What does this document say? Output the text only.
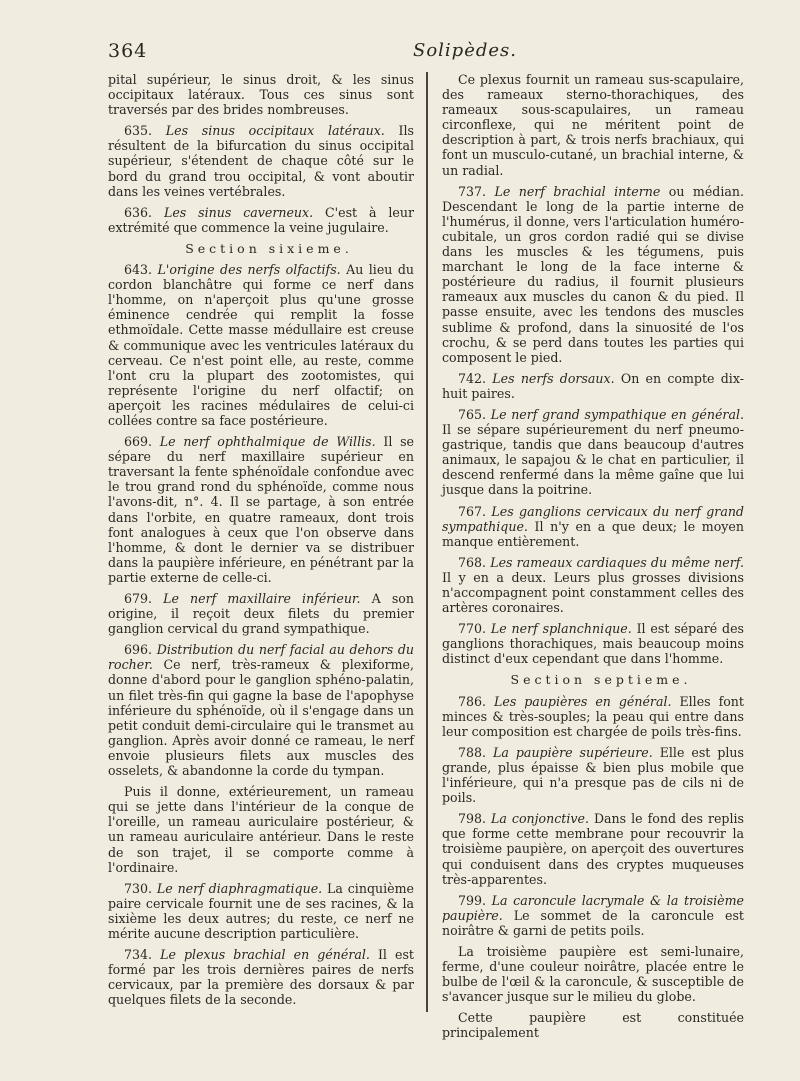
364	Solipèdes.

pital supérieur, le sinus droit, & les sinus occipitaux latéraux. Tous ces sinus sont traversés par des brides nombreuses.

635. Les sinus occipitaux latéraux. Ils résultent de la bifurcation du sinus occipital supérieur, s'étendent de chaque côté sur le bord du grand trou occipital, & vont aboutir dans les veines vertébrales.

636. Les sinus caverneux. C'est à leur extrémité que commence la veine jugulaire.

Section sixieme.

643. L'origine des nerfs olfactifs. Au lieu du cordon blanchâtre qui forme ce nerf dans l'homme, on n'aperçoit plus qu'une grosse éminence cendrée qui remplit la fosse ethmoïdale. Cette masse médullaire est creuse & communique avec les ventricules latéraux du cerveau. Ce n'est point elle, au reste, comme l'ont cru la plupart des zootomistes, qui représente l'origine du nerf olfactif; on aperçoit les racines médulaires de celui-ci collées contre sa face postérieure.

669. Le nerf ophthalmique de Willis. Il se sépare du nerf maxillaire supérieur en traversant la fente sphénoïdale confondue avec le trou grand rond du sphénoïde, comme nous l'avons-dit, n°. 4. Il se partage, à son entrée dans l'orbite, en quatre rameaux, dont trois font analogues à ceux que l'on observe dans l'homme, & dont le dernier va se distribuer dans la paupière inférieure, en pénétrant par la partie externe de celle-ci.

679. Le nerf maxillaire inférieur. A son origine, il reçoit deux filets du premier ganglion cervical du grand sympathique.

696. Distribution du nerf facial au dehors du rocher. Ce nerf, très-rameux & plexiforme, donne d'abord pour le ganglion sphéno-palatin, un filet très-fin qui gagne la base de l'apophyse inférieure du sphénoïde, où il s'engage dans un petit conduit demi-circulaire qui le transmet au ganglion. Après avoir donné ce rameau, le nerf envoie plusieurs filets aux muscles des osselets, & abandonne la corde du tympan.

Puis il donne, extérieurement, un rameau qui se jette dans l'intérieur de la conque de l'oreille, un rameau auriculaire postérieur, & un rameau auriculaire antérieur. Dans le reste de son trajet, il se comporte comme à l'ordinaire.

730. Le nerf diaphragmatique. La cinquième paire cervicale fournit une de ses racines, & la sixième les deux autres; du reste, ce nerf ne mérite aucune description particulière.

734. Le plexus brachial en général. Il est formé par les trois dernières paires de nerfs cervicaux, par la première des dorsaux & par quelques filets de la seconde.

Ce plexus fournit un rameau sus-scapulaire, des rameaux sterno-thorachiques, des rameaux sous-scapulaires, un rameau circonflexe, qui ne méritent point de description à part, & trois nerfs brachiaux, qui font un musculo-cutané, un brachial interne, & un radial.

737. Le nerf brachial interne ou médian. Descendant le long de la partie interne de l'humérus, il donne, vers l'articulation huméro-cubitale, un gros cordon radié qui se divise dans les muscles & les tégumens, puis marchant le long de la face interne & postérieure du radius, il fournit plusieurs rameaux aux muscles du canon & du pied. Il passe ensuite, avec les tendons des muscles sublime & profond, dans la sinuosité de l'os crochu, & se perd dans toutes les parties qui composent le pied.

742. Les nerfs dorsaux. On en compte dix-huit paires.

765. Le nerf grand sympathique en général. Il se sépare supérieurement du nerf pneumo-gastrique, tandis que dans beaucoup d'autres animaux, le sapajou & le chat en particulier, il descend renfermé dans la même gaîne que lui jusque dans la poitrine.

767. Les ganglions cervicaux du nerf grand sympathique. Il n'y en a que deux; le moyen manque entièrement.

768. Les rameaux cardiaques du même nerf. Il y en a deux. Leurs plus grosses divisions n'accompagnent point constamment celles des artères coronaires.

770. Le nerf splanchnique. Il est séparé des ganglions thorachiques, mais beaucoup moins distinct d'eux cependant que dans l'homme.

Section septieme.

786. Les paupières en général. Elles font minces & très-souples; la peau qui entre dans leur composition est chargée de poils très-fins.

788. La paupière supérieure. Elle est plus grande, plus épaisse & bien plus mobile que l'inférieure, qui n'a presque pas de cils ni de poils.

798. La conjonctive. Dans le fond des replis que forme cette membrane pour recouvrir la troisième paupière, on aperçoit des ouvertures qui conduisent dans des cryptes muqueuses très-apparentes.

799. La caroncule lacrymale & la troisième paupière. Le sommet de la caroncule est noirâtre & garni de petits poils.

La troisième paupière est semi-lunaire, ferme, d'une couleur noirâtre, placée entre le bulbe de l'œil & la caroncule, & susceptible de s'avancer jusque sur le milieu du globe.

Cette paupière est constituée principalement
